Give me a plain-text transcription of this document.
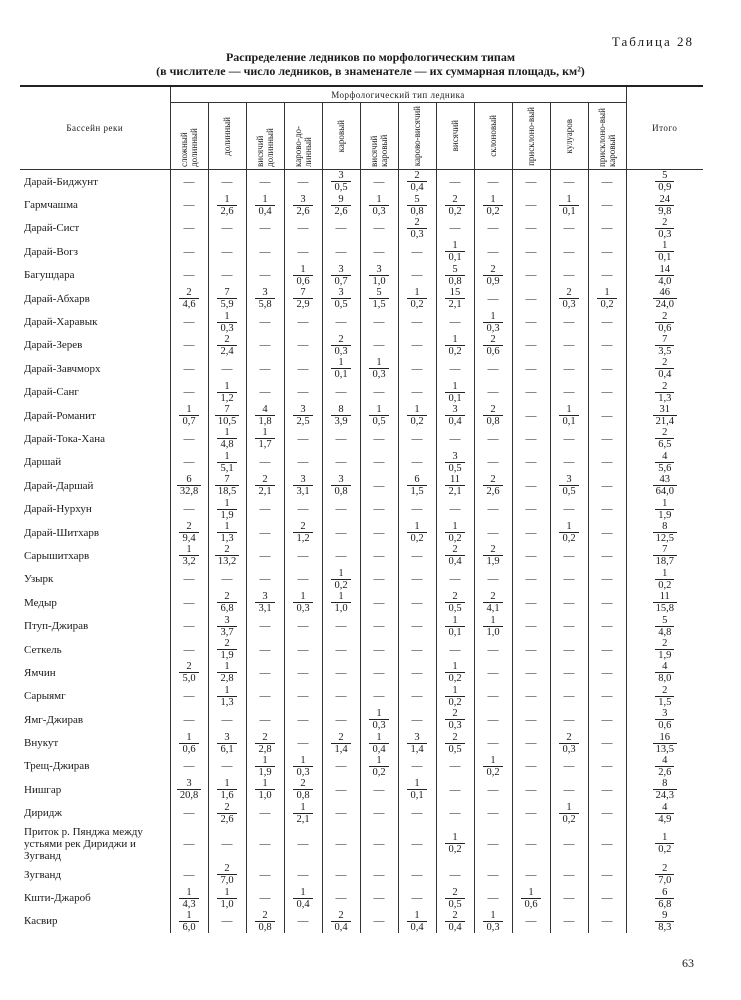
Таблица 28
Распределение ледников по морфологическим типам
(в числителе — число ледников, в знаменателе — их суммарная площадь, км²)
Бассейн реки	Морфологический тип ледника												Итого

	сложный долинный	долинный	висячий долинный	карово-до-линный	каровый	висячий каровый	карово-висячий	висячий	склоновый	присклоно-вый	кулуаров	присклоно-вый каровый	

Дарай-Биджунт	—	—	—	—	$\frac{3}{0,5}$	—	$\frac{2}{0,4}$	—	—	—	—	—	$\frac{5}{0,9}$

Гармчашма	—	$\frac{1}{2,6}$	$\frac{1}{0,4}$	$\frac{3}{2,6}$	$\frac{9}{2,6}$	$\frac{1}{0,3}$	$\frac{5}{0,8}$	$\frac{2}{0,2}$	$\frac{1}{0,2}$	—	$\frac{1}{0,1}$	—	$\frac{24}{9,8}$

Дарай-Сист	—	—	—	—	—	—	$\frac{2}{0,3}$	—	—	—	—	—	$\frac{2}{0,3}$

Дарай-Вогз	—	—	—	—	—	—	—	$\frac{1}{0,1}$	—	—	—	—	$\frac{1}{0,1}$

Багушдара	—	—	—	$\frac{1}{0,6}$	$\frac{3}{0,7}$	$\frac{3}{1,0}$	—	$\frac{5}{0,8}$	$\frac{2}{0,9}$	—	—	—	$\frac{14}{4,0}$

Дарай-Абхарв	$\frac{2}{4,6}$	$\frac{7}{5,9}$	$\frac{3}{5,8}$	$\frac{7}{2,9}$	$\frac{3}{0,5}$	$\frac{5}{1,5}$	$\frac{1}{0,2}$	$\frac{15}{2,1}$	—	—	$\frac{2}{0,3}$	$\frac{1}{0,2}$	$\frac{46}{24,0}$

Дарай-Харавык	—	$\frac{1}{0,3}$	—	—	—	—	—	—	$\frac{1}{0,3}$	—	—	—	$\frac{2}{0,6}$

Дарай-Зерев	—	$\frac{2}{2,4}$	—	—	$\frac{2}{0,3}$	—	—	$\frac{1}{0,2}$	$\frac{2}{0,6}$	—	—	—	$\frac{7}{3,5}$

Дарай-Завчморх	—	—	—	—	$\frac{1}{0,1}$	$\frac{1}{0,3}$	—	—	—	—	—	—	$\frac{2}{0,4}$

Дарай-Санг	—	$\frac{1}{1,2}$	—	—	—	—	—	$\frac{1}{0,1}$	—	—	—	—	$\frac{2}{1,3}$

Дарай-Романит	$\frac{1}{0,7}$	$\frac{7}{10,5}$	$\frac{4}{1,8}$	$\frac{3}{2,5}$	$\frac{8}{3,9}$	$\frac{1}{0,5}$	$\frac{1}{0,2}$	$\frac{3}{0,4}$	$\frac{2}{0,8}$	—	$\frac{1}{0,1}$	—	$\frac{31}{21,4}$

Дарай-Тока-Хана	—	$\frac{1}{4,8}$	$\frac{1}{1,7}$	—	—	—	—	—	—	—	—	—	$\frac{2}{6,5}$

Даршай	—	$\frac{1}{5,1}$	—	—	—	—	—	$\frac{3}{0,5}$	—	—	—	—	$\frac{4}{5,6}$

Дарай-Даршай	$\frac{6}{32,8}$	$\frac{7}{18,5}$	$\frac{2}{2,1}$	$\frac{3}{3,1}$	$\frac{3}{0,8}$	—	$\frac{6}{1,5}$	$\frac{11}{2,1}$	$\frac{2}{2,6}$	—	$\frac{3}{0,5}$	—	$\frac{43}{64,0}$

Дарай-Нурхун	—	$\frac{1}{1,9}$	—	—	—	—	—	—	—	—	—	—	$\frac{1}{1,9}$

Дарай-Шитхарв	$\frac{2}{9,4}$	$\frac{1}{1,3}$	—	$\frac{2}{1,2}$	—	—	$\frac{1}{0,2}$	$\frac{1}{0,2}$	—	—	$\frac{1}{0,2}$	—	$\frac{8}{12,5}$

Сарышитхарв	$\frac{1}{3,2}$	$\frac{2}{13,2}$	—	—	—	—	—	$\frac{2}{0,4}$	$\frac{2}{1,9}$	—	—	—	$\frac{7}{18,7}$

Узырк	—	—	—	—	$\frac{1}{0,2}$	—	—	—	—	—	—	—	$\frac{1}{0,2}$

Медыр	—	$\frac{2}{6,8}$	$\frac{3}{3,1}$	$\frac{1}{0,3}$	$\frac{1}{1,0}$	—	—	$\frac{2}{0,5}$	$\frac{2}{4,1}$	—	—	—	$\frac{11}{15,8}$

Птуп-Джирав	—	$\frac{3}{3,7}$	—	—	—	—	—	$\frac{1}{0,1}$	$\frac{1}{1,0}$	—	—	—	$\frac{5}{4,8}$

Сеткель	—	$\frac{2}{1,9}$	—	—	—	—	—	—	—	—	—	—	$\frac{2}{1,9}$

Ямчин	$\frac{2}{5,0}$	$\frac{1}{2,8}$	—	—	—	—	—	$\frac{1}{0,2}$	—	—	—	—	$\frac{4}{8,0}$

Сарыямг	—	$\frac{1}{1,3}$	—	—	—	—	—	$\frac{1}{0,2}$	—	—	—	—	$\frac{2}{1,5}$

Ямг-Джирав	—	—	—	—	—	$\frac{1}{0,3}$	—	$\frac{2}{0,3}$	—	—	—	—	$\frac{3}{0,6}$

Внукут	$\frac{1}{0,6}$	$\frac{3}{6,1}$	$\frac{2}{2,8}$	—	$\frac{2}{1,4}$	$\frac{1}{0,4}$	$\frac{3}{1,4}$	$\frac{2}{0,5}$	—	—	$\frac{2}{0,3}$	—	$\frac{16}{13,5}$

Трещ-Джирав	—	—	$\frac{1}{1,9}$	$\frac{1}{0,3}$	—	$\frac{1}{0,2}$	—	—	$\frac{1}{0,2}$	—	—	—	$\frac{4}{2,6}$

Нишгар	$\frac{3}{20,8}$	$\frac{1}{1,6}$	$\frac{1}{1,0}$	$\frac{2}{0,8}$	—	—	$\frac{1}{0,1}$	—	—	—	—	—	$\frac{8}{24,3}$

Диридж	—	$\frac{2}{2,6}$	—	$\frac{1}{2,1}$	—	—	—	—	—	—	$\frac{1}{0,2}$	—	$\frac{4}{4,9}$

Приток р. Пянджа между устьями рек Дириджи и Зугванд	—	—	—	—	—	—	—	$\frac{1}{0,2}$	—	—	—	—	$\frac{1}{0,2}$

Зугванд	—	$\frac{2}{7,0}$	—	—	—	—	—	—	—	—	—	—	$\frac{2}{7,0}$

Кшти-Джароб	$\frac{1}{4,3}$	$\frac{1}{1,0}$	—	$\frac{1}{0,4}$	—	—	—	$\frac{2}{0,5}$	—	$\frac{1}{0,6}$	—	—	$\frac{6}{6,8}$

Касвир	$\frac{1}{6,0}$	—	$\frac{2}{0,8}$	—	$\frac{2}{0,4}$	—	$\frac{1}{0,4}$	$\frac{2}{0,4}$	$\frac{1}{0,3}$	—	—	—	$\frac{9}{8,3}$
63
